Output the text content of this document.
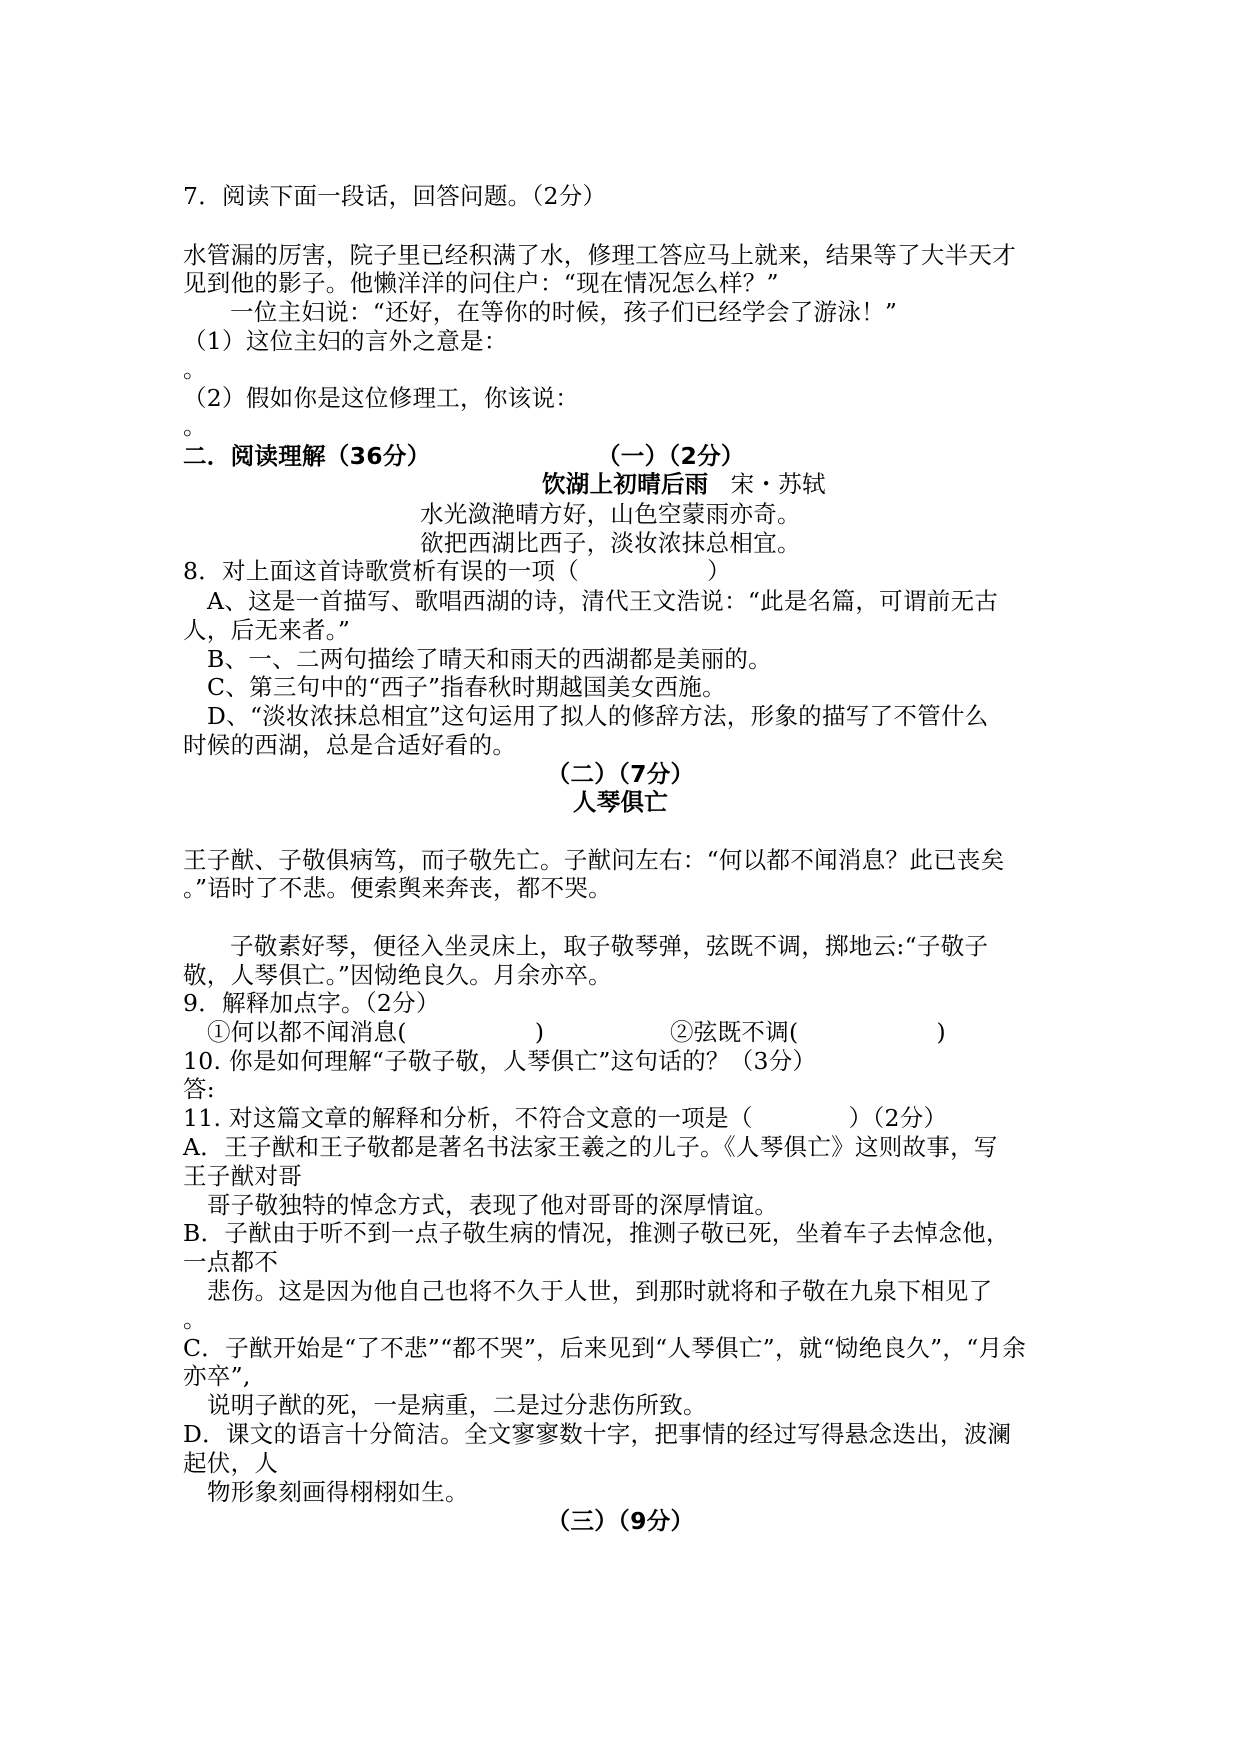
7．阅读下面一段话，回答问题。（2分）

水管漏的厉害，院子里已经积满了水，修理工答应马上就来，结果等了大半天才

见到他的影子。他懒洋洋的问住户：“现在情况怎么样？”

一位主妇说：“还好，在等你的时候，孩子们已经学会了游泳！”

（1）这位主妇的言外之意是：

。

（2）假如你是这位修理工，你该说：

。

二．阅读理解（36分）	（一）（2分）

饮湖上初晴后雨 宋・苏轼

水光潋滟晴方好，山色空蒙雨亦奇。

欲把西湖比西子，淡妆浓抹总相宜。

8．对上面这首诗歌赏析有误的一项（	）

A、这是一首描写、歌唱西湖的诗，清代王文浩说：“此是名篇，可谓前无古

人，后无来者。”

B、一、二两句描绘了晴天和雨天的西湖都是美丽的。

C、第三句中的“西子”指春秋时期越国美女西施。

D、“淡妆浓抹总相宜”这句运用了拟人的修辞方法，形象的描写了不管什么

时候的西湖，总是合适好看的。

（二）（7分）

人琴俱亡

王子猷、子敬俱病笃，而子敬先亡。子猷问左右：“何以都不闻消息？此已丧矣

。”语时了不悲。便索舆来奔丧，都不哭。

子敬素好琴，便径入坐灵床上，取子敬琴弹，弦既不调，掷地云:“子敬子

敬，人琴俱亡。”因恸绝良久。月余亦卒。

9．解释加点字。（2分）

①何以都不闻消息(	)	②弦既不调(	)

10. 你是如何理解“子敬子敬，人琴俱亡”这句话的？（3分）

答:

11. 对这篇文章的解释和分析，不符合文意的一项是（	）（2分）

A．王子猷和王子敬都是著名书法家王羲之的儿子。《人琴俱亡》这则故事，写

王子猷对哥

哥子敬独特的悼念方式，表现了他对哥哥的深厚情谊。

B．子猷由于听不到一点子敬生病的情况，推测子敬已死，坐着车子去悼念他，

一点都不

悲伤。这是因为他自己也将不久于人世，到那时就将和子敬在九泉下相见了

。

C．子猷开始是“了不悲”“都不哭”，后来见到“人琴俱亡”，就“恸绝良久”，“月余

亦卒”,

说明子猷的死，一是病重，二是过分悲伤所致。

D．课文的语言十分简洁。全文寥寥数十字，把事情的经过写得悬念迭出，波澜

起伏，人

物形象刻画得栩栩如生。

（三）（9分）
